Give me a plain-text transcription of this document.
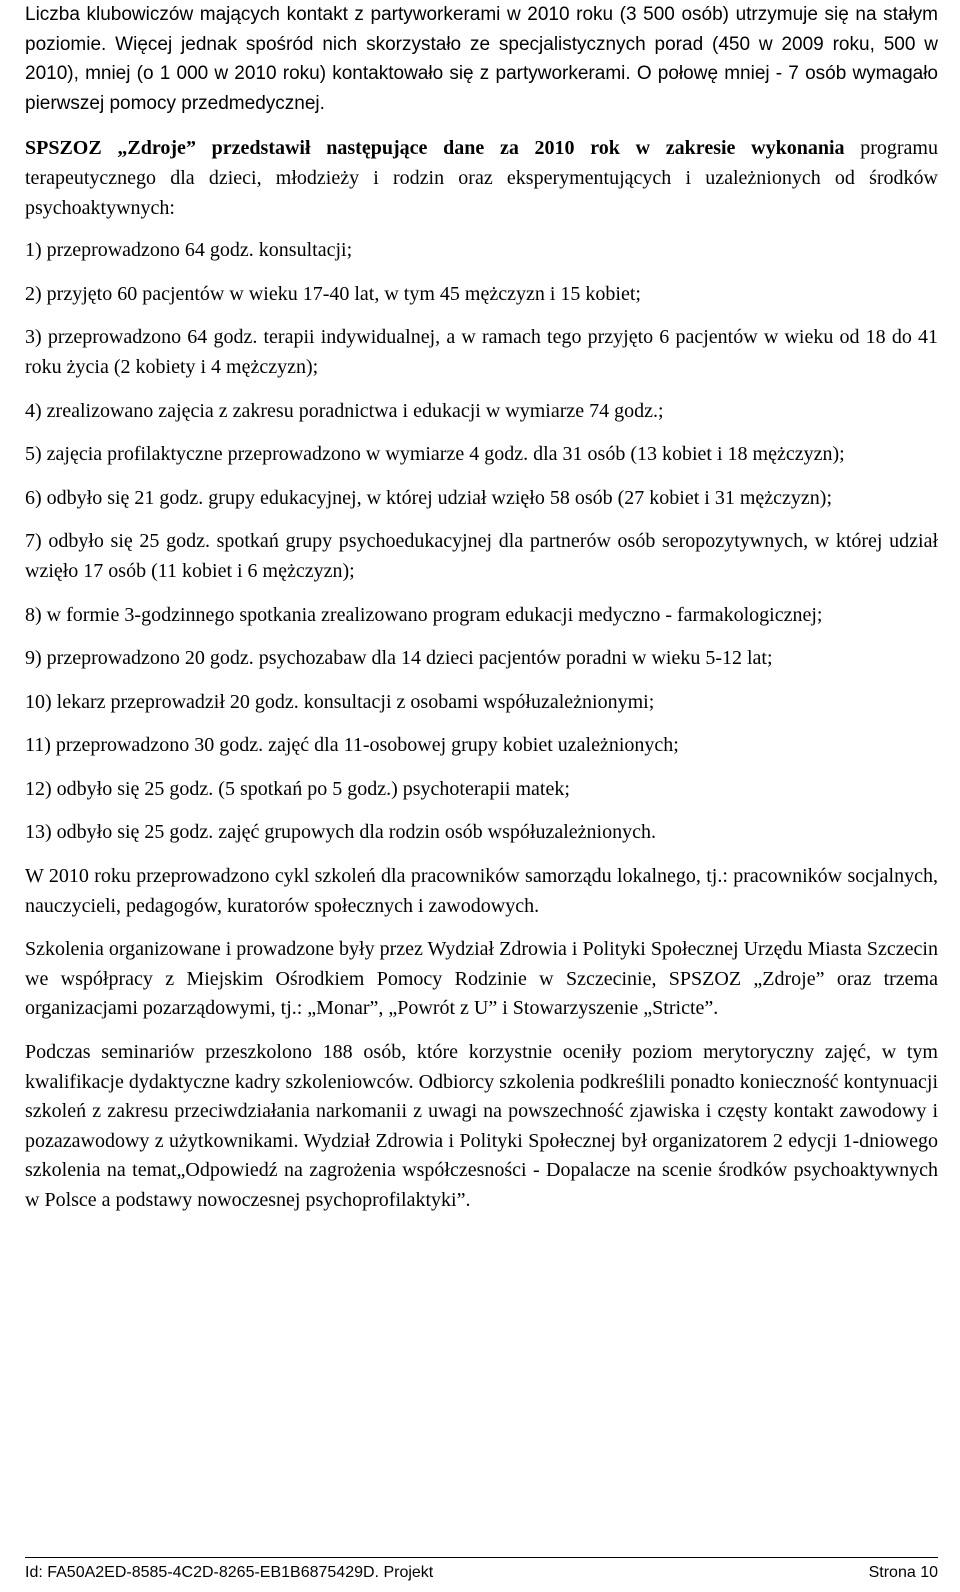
Liczba klubowiczów mających kontakt z partyworkerami w 2010 roku (3 500 osób) utrzymuje się na stałym poziomie. Więcej jednak spośród nich skorzystało ze specjalistycznych porad (450 w 2009 roku, 500 w 2010), mniej (o 1 000 w 2010 roku) kontaktowało się z partyworkerami. O połowę mniej - 7 osób wymagało pierwszej pomocy przedmedycznej.

SPSZOZ „Zdroje” przedstawił następujące dane za 2010 rok w zakresie wykonania programu terapeutycznego dla dzieci, młodzieży i rodzin oraz eksperymentujących i uzależnionych od środków psychoaktywnych:

1) przeprowadzono 64 godz. konsultacji;

2) przyjęto 60 pacjentów w wieku 17-40 lat, w tym 45 mężczyzn i 15 kobiet;

3) przeprowadzono 64 godz. terapii indywidualnej, a w ramach tego przyjęto 6 pacjentów w wieku od 18 do 41 roku życia (2 kobiety i 4 mężczyzn);

4) zrealizowano zajęcia z zakresu poradnictwa i edukacji w wymiarze 74 godz.;

5) zajęcia profilaktyczne przeprowadzono w wymiarze 4 godz. dla 31 osób (13 kobiet i 18 mężczyzn);

6) odbyło się 21 godz. grupy edukacyjnej, w której udział wzięło 58 osób (27 kobiet i 31 mężczyzn);

7) odbyło się 25 godz. spotkań grupy psychoedukacyjnej dla partnerów osób seropozytywnych, w której udział wzięło 17 osób (11 kobiet i 6 mężczyzn);

8) w formie 3-godzinnego spotkania zrealizowano program edukacji medyczno - farmakologicznej;

9) przeprowadzono 20 godz. psychozabaw dla 14 dzieci pacjentów poradni w wieku 5-12 lat;

10) lekarz przeprowadził 20 godz. konsultacji z osobami współuzależnionymi;

11) przeprowadzono 30 godz. zajęć dla 11-osobowej grupy kobiet uzależnionych;

12) odbyło się 25 godz. (5 spotkań po 5 godz.) psychoterapii matek;

13) odbyło się 25 godz. zajęć grupowych dla rodzin osób współuzależnionych.

W 2010 roku przeprowadzono cykl szkoleń dla pracowników samorządu lokalnego, tj.: pracowników socjalnych, nauczycieli, pedagogów, kuratorów społecznych i zawodowych.

Szkolenia organizowane i prowadzone były przez Wydział Zdrowia i Polityki Społecznej Urzędu Miasta Szczecin we współpracy z Miejskim Ośrodkiem Pomocy Rodzinie w Szczecinie, SPSZOZ „Zdroje” oraz trzema organizacjami pozarządowymi, tj.: „Monar”, „Powrót z U” i Stowarzyszenie „Stricte”.

Podczas seminariów przeszkolono 188 osób, które korzystnie oceniły poziom merytoryczny zajęć, w tym kwalifikacje dydaktyczne kadry szkoleniowców. Odbiorcy szkolenia podkreślili ponadto konieczność kontynuacji szkoleń z zakresu przeciwdziałania narkomanii z uwagi na powszechność zjawiska i częsty kontakt zawodowy i pozazawodowy z użytkownikami. Wydział Zdrowia i Polityki Społecznej był organizatorem 2 edycji 1-dniowego szkolenia na temat„Odpowiedź na zagrożenia współczesności - Dopalacze na scenie środków psychoaktywnych w Polsce a podstawy nowoczesnej psychoprofilaktyki”.

Id: FA50A2ED-8585-4C2D-8265-EB1B6875429D. Projekt	Strona 10
